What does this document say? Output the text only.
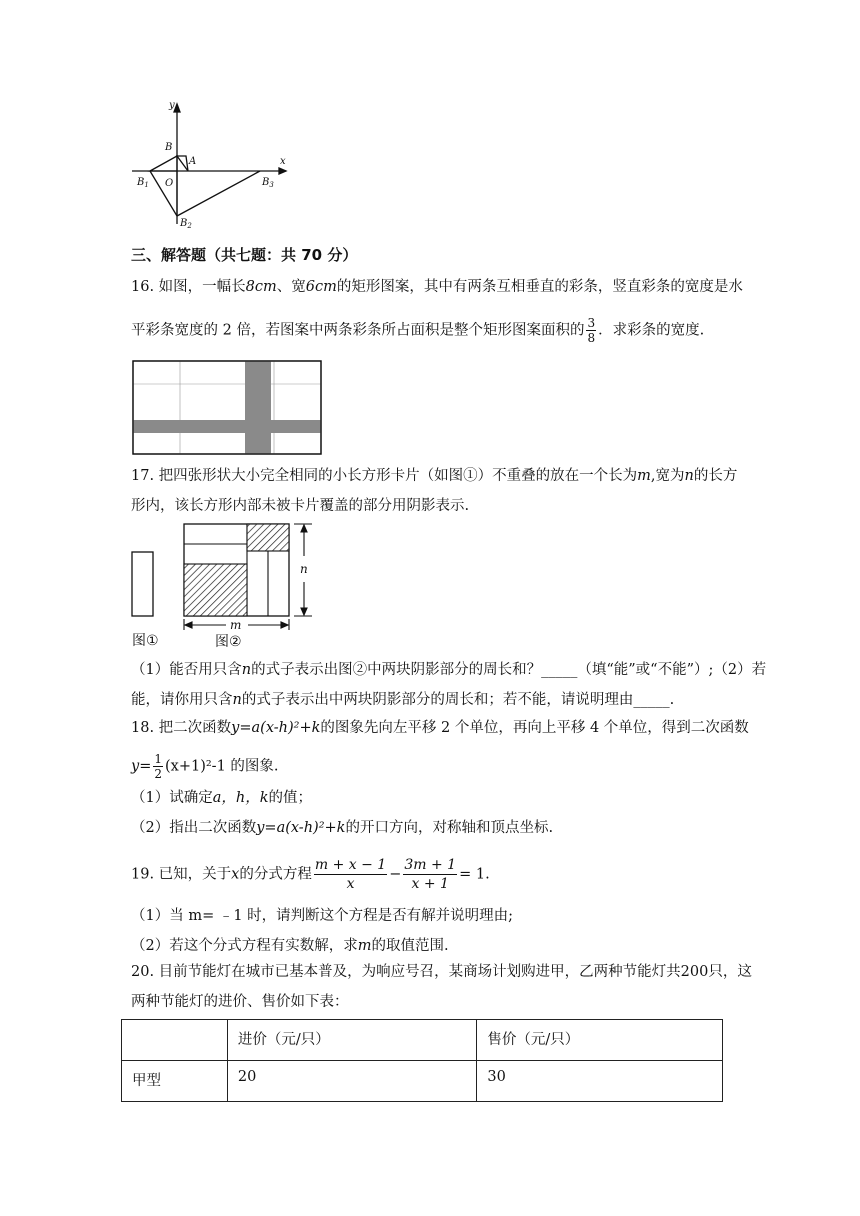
y
x
B
A
O
$B_1$
$B_2$
$B_3$
三、解答题（共七题：共 70 分）
16. 如图，一幅长8cm、宽6cm的矩形图案，其中有两条互相垂直的彩条，竖直彩条的宽度是水
平彩条宽度的 2 倍，若图案中两条彩条所占面积是整个矩形图案面积的 $\frac{3}{8}$ ．求彩条的宽度.
17. 把四张形状大小完全相同的小长方形卡片（如图①）不重叠的放在一个长为m,宽为n的长方
形内，该长方形内部未被卡片覆盖的部分用阴影表示.
n
m
图①	图②
（1）能否用只含n的式子表示出图②中两块阴影部分的周长和？_____（填“能”或“不能”）;（2）若
能，请你用只含n的式子表示出中两块阴影部分的周长和；若不能，请说明理由_____.
18. 把二次函数y=a(x-h)²+k的图象先向左平移 2 个单位，再向上平移 4 个单位，得到二次函数
$y= \frac{1}{2} (x+1)^2-1$ 的图象.
（1）试确定a，h，k的值；
（2）指出二次函数y=a(x-h)²+k的开口方向，对称轴和顶点坐标.
19. 已知，关于x的分式方程 $\frac{m + x - 1}{x} - \frac{3m + 1}{x + 1} = 1$.
（1）当 m= ﹣1 时，请判断这个方程是否有解并说明理由;
（2）若这个分式方程有实数解，求m的取值范围.
20. 目前节能灯在城市已基本普及，为响应号召，某商场计划购进甲，乙两种节能灯共200只，这
两种节能灯的进价、售价如下表：

	进价（元/只）	售价（元/只）

甲型	20	30
